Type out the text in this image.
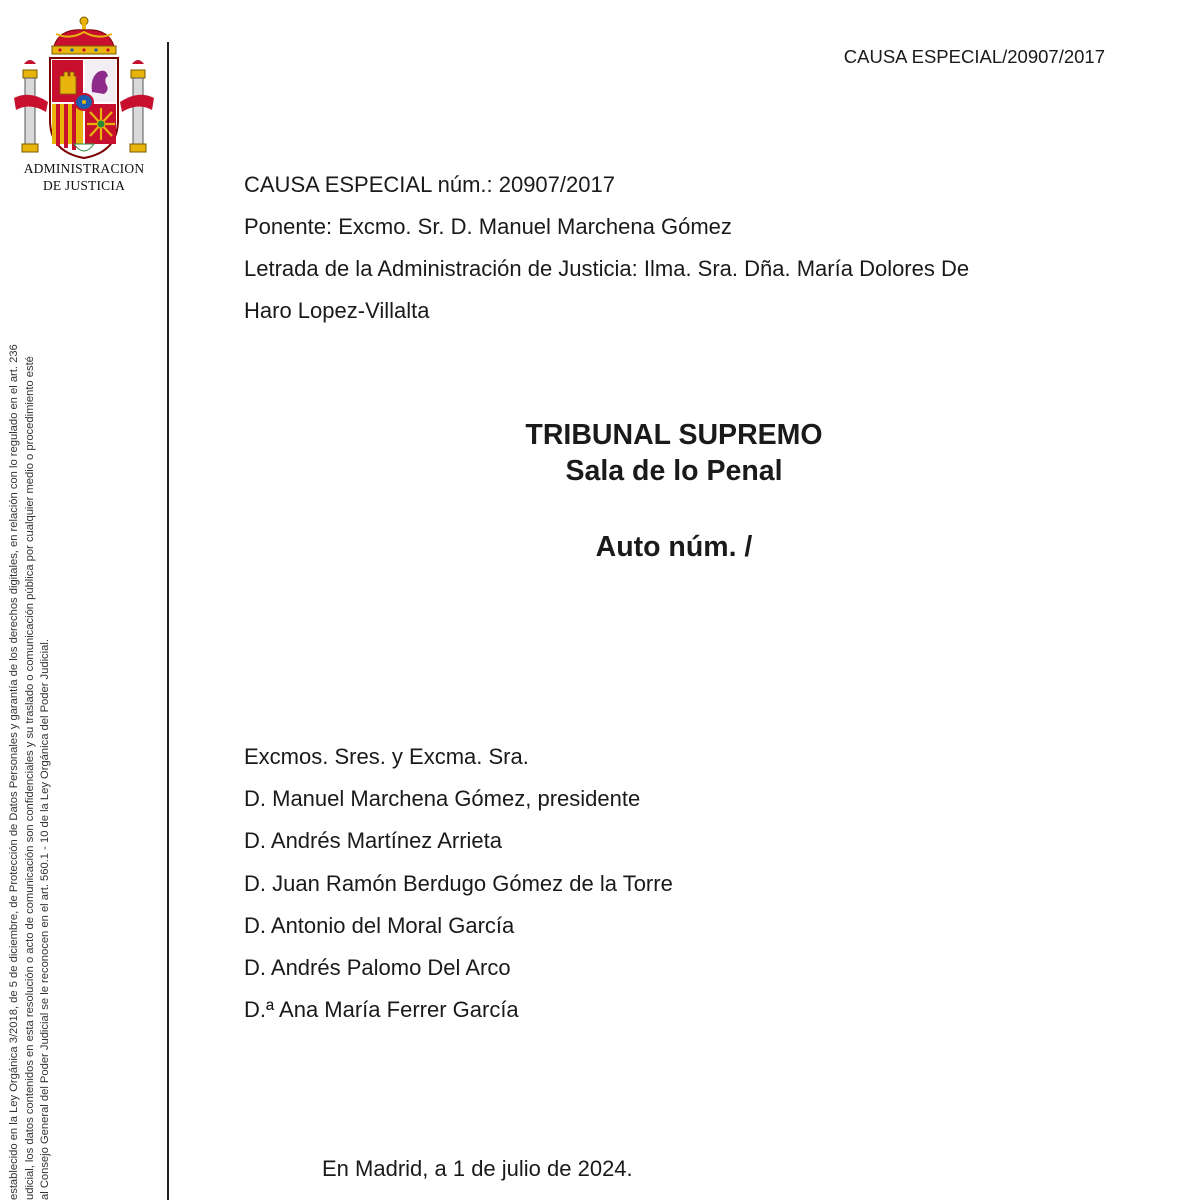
ADMINISTRACION
DE JUSTICIA
establecido en la Ley Orgánica 3/2018, de 5 de diciembre, de Protección de Datos Personales y garantía de los derechos digitales, en relación con lo regulado en el art. 236 udicial, los datos contenidos en esta resolución o acto de comunicación son confidenciales y su traslado o comunicación pública por cualquier medio o procedimiento esté al Consejo General del Poder Judicial se le reconocen en el art. 560.1 - 10 de la Ley Orgánica del Poder Judicial.
CAUSA ESPECIAL/20907/2017
CAUSA ESPECIAL núm.: 20907/2017
Ponente: Excmo. Sr. D. Manuel Marchena Gómez
Letrada de la Administración de Justicia: Ilma. Sra. Dña. María Dolores De
Haro Lopez-Villalta
TRIBUNAL SUPREMO
Sala de lo Penal
Auto núm. /
Excmos. Sres. y Excma. Sra.
D. Manuel Marchena Gómez, presidente
D. Andrés Martínez Arrieta
D. Juan Ramón Berdugo Gómez de la Torre
D. Antonio del Moral García
D. Andrés Palomo Del Arco
D.ª Ana María Ferrer García
En Madrid, a 1 de julio de 2024.
